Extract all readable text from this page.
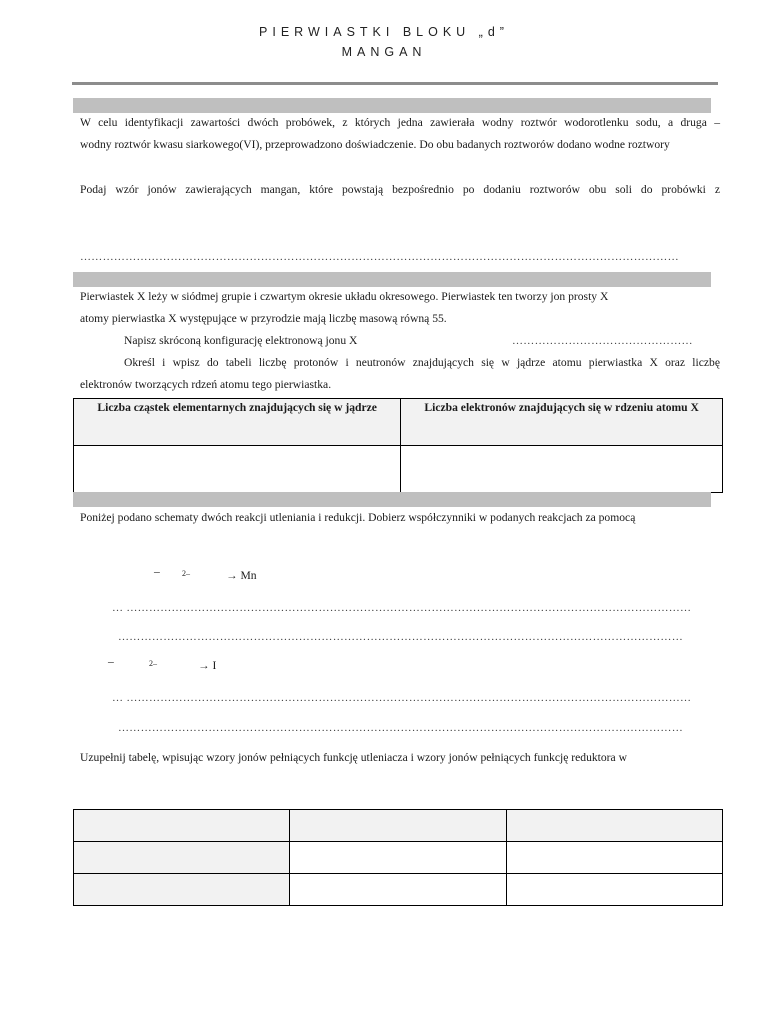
PIERWIASTKI BLOKU „d”
MANGAN
W celu identyfikacji zawartości dwóch probówek, z których jedna zawierała wodny roztwór wodorotlenku sodu, a druga –
wodny roztwór kwasu siarkowego(VI), przeprowadzono doświadczenie. Do obu badanych roztworów dodano wodne roztwory
Podaj wzór jonów zawierających mangan, które powstają bezpośrednio po dodaniu roztworów obu soli do probówki z
……………………………………………………………………………………………………………………………………………
Pierwiastek X leży w siódmej grupie i czwartym okresie układu okresowego. Pierwiastek ten tworzy jon prosty X
atomy pierwiastka X występujące w przyrodzie mają liczbę masową równą 55.
Napisz skróconą konfigurację elektronową jonu X	…………………………………………
Określ i wpisz do tabeli liczbę protonów i neutronów znajdujących się w jądrze atomu pierwiastka X oraz liczbę
elektronów tworzących rdzeń atomu tego pierwiastka.
Liczba cząstek elementarnych znajdujących się w jądrze	Liczba elektronów znajdujących się w rdzeniu atomu X

Poniżej podano schematy dwóch reakcji utleniania i redukcji. Dobierz współczynniki w podanych reakcjach za pomocą
–	2–	→ Mn
… ……………………………………………………………………………………………………………………………………
……………………………………………………………………………………………………………………………………
–	2–	→ I
… ……………………………………………………………………………………………………………………………………
……………………………………………………………………………………………………………………………………
Uzupełnij tabelę, wpisując wzory jonów pełniących funkcję utleniacza i wzory jonów pełniących funkcję reduktora w
